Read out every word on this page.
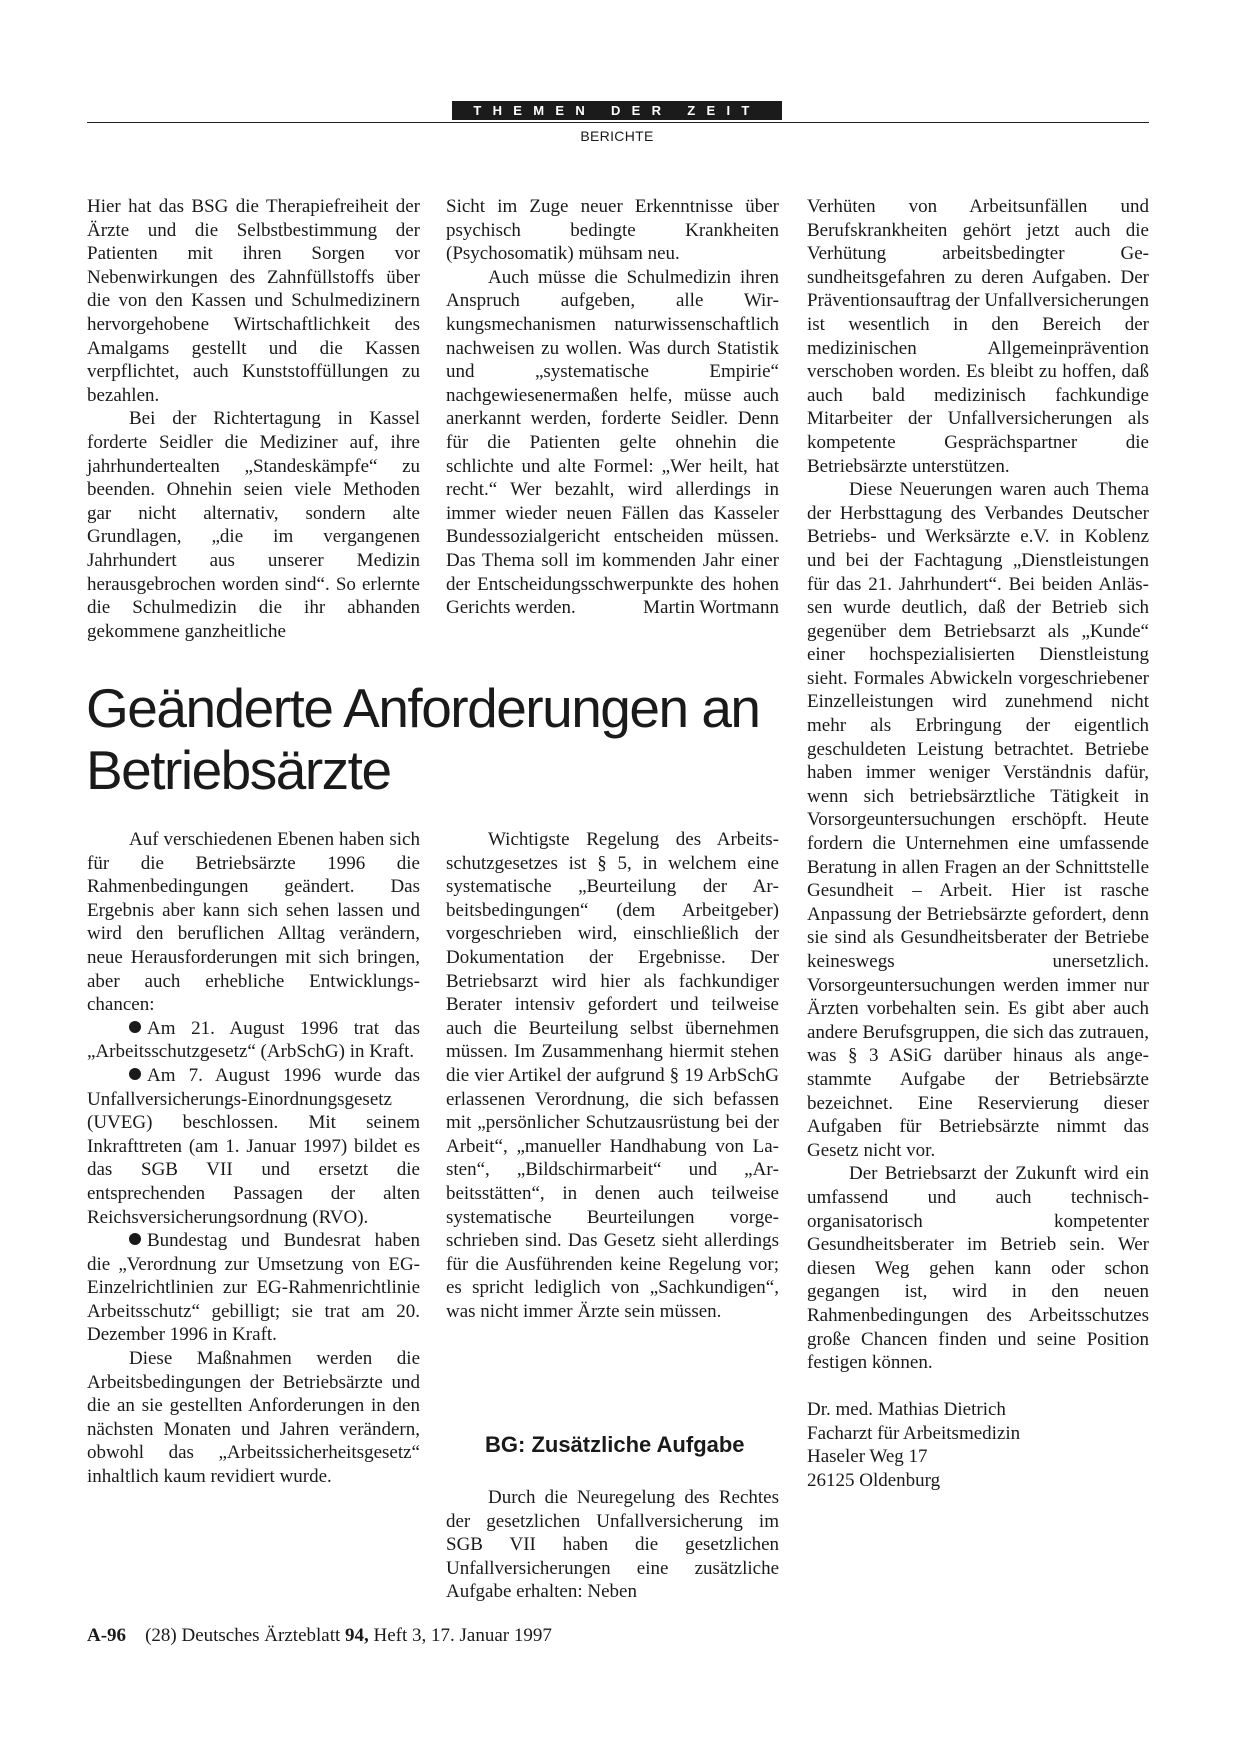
THEMEN DER ZEIT
BERICHTE

Hier hat das BSG die Therapiefreiheit der Ärzte und die Selbstbestimmung der Patienten mit ihren Sorgen vor Nebenwirkungen des Zahnfüllstoffs über die von den Kassen und Schulmedizinern hervorgehobene Wirtschaftlichkeit des Amalgams gestellt und die Kassen verpflichtet, auch Kunststoffüllungen zu bezahlen.

Bei der Richtertagung in Kassel forderte Seidler die Mediziner auf, ihre jahrhundertealten „Standeskämpfe“ zu beenden. Ohnehin seien viele Methoden gar nicht alternativ, sondern alte Grundlagen, „die im vergangenen Jahrhundert aus unserer Medizin herausgebrochen worden sind“. So erlernte die Schulmedizin die ihr abhanden gekommene ganzheitliche

Sicht im Zuge neuer Erkenntnisse über psychisch bedingte Krankheiten (Psychosomatik) mühsam neu.

Auch müsse die Schulmedizin ihren Anspruch aufgeben, alle Wirkungsmechanismen naturwissenschaftlich nachweisen zu wollen. Was durch Statistik und „systematische Empirie“ nachgewiesenermaßen helfe, müsse auch anerkannt werden, forderte Seidler. Denn für die Patienten gelte ohnehin die schlichte und alte Formel: „Wer heilt, hat recht.“ Wer bezahlt, wird allerdings in immer wieder neuen Fällen das Kasseler Bundessozialgericht entscheiden müssen. Das Thema soll im kommenden Jahr einer der Entscheidungsschwerpunkte des hohen Gerichts werden.	Martin Wortmann

Geänderte Anforderungen an Betriebsärzte

Auf verschiedenen Ebenen haben sich für die Betriebsärzte 1996 die Rahmenbedingungen geändert. Das Ergebnis aber kann sich sehen lassen und wird den beruflichen Alltag verändern, neue Herausforderungen mit sich bringen, aber auch erhebliche Entwicklungschancen:

Am 21. August 1996 trat das „Arbeitsschutzgesetz“ (ArbSchG) in Kraft.

Am 7. August 1996 wurde das Unfallversicherungs-Einordnungsgesetz (UVEG) beschlossen. Mit seinem Inkrafttreten (am 1. Januar 1997) bildet es das SGB VII und ersetzt die entsprechenden Passagen der alten Reichsversicherungsordnung (RVO).

Bundestag und Bundesrat haben die „Verordnung zur Umsetzung von EG-Einzelrichtlinien zur EG-Rahmenrichtlinie Arbeitsschutz“ gebilligt; sie trat am 20. Dezember 1996 in Kraft.

Diese Maßnahmen werden die Arbeitsbedingungen der Betriebsärzte und die an sie gestellten Anforderungen in den nächsten Monaten und Jahren verändern, obwohl das „Arbeitssicherheitsgesetz“ inhaltlich kaum revidiert wurde.

Wichtigste Regelung des Arbeitsschutzgesetzes ist § 5, in welchem eine systematische „Beurteilung der Arbeitsbedingungen“ (dem Arbeitgeber) vorgeschrieben wird, einschließlich der Dokumentation der Ergebnisse. Der Betriebsarzt wird hier als fachkundiger Berater intensiv gefordert und teilweise auch die Beurteilung selbst übernehmen müssen. Im Zusammenhang hiermit stehen die vier Artikel der aufgrund § 19 ArbSchG erlassenen Verordnung, die sich befassen mit „persönlicher Schutzausrüstung bei der Arbeit“, „manueller Handhabung von Lasten“, „Bildschirmarbeit“ und „Arbeitsstätten“, in denen auch teilweise systematische Beurteilungen vorgeschrieben sind. Das Gesetz sieht allerdings für die Ausführenden keine Regelung vor; es spricht lediglich von „Sachkundigen“, was nicht immer Ärzte sein müssen.

BG: Zusätzliche Aufgabe

Durch die Neuregelung des Rechtes der gesetzlichen Unfallversicherung im SGB VII haben die gesetzlichen Unfallversicherungen eine zusätzliche Aufgabe erhalten: Neben

Verhüten von Arbeitsunfällen und Berufskrankheiten gehört jetzt auch die Verhütung arbeitsbedingter Gesundheitsgefahren zu deren Aufgaben. Der Präventionsauftrag der Unfallversicherungen ist wesentlich in den Bereich der medizinischen Allgemeinprävention verschoben worden. Es bleibt zu hoffen, daß auch bald medizinisch fachkundige Mitarbeiter der Unfallversicherungen als kompetente Gesprächspartner die Betriebsärzte unterstützen.

Diese Neuerungen waren auch Thema der Herbsttagung des Verbandes Deutscher Betriebs- und Werksärzte e.V. in Koblenz und bei der Fachtagung „Dienstleistungen für das 21. Jahrhundert“. Bei beiden Anlässen wurde deutlich, daß der Betrieb sich gegenüber dem Betriebsarzt als „Kunde“ einer hochspezialisierten Dienstleistung sieht. Formales Abwickeln vorgeschriebener Einzelleistungen wird zunehmend nicht mehr als Erbringung der eigentlich geschuldeten Leistung betrachtet. Betriebe haben immer weniger Verständnis dafür, wenn sich betriebsärztliche Tätigkeit in Vorsorgeuntersuchungen erschöpft. Heute fordern die Unternehmen eine umfassende Beratung in allen Fragen an der Schnittstelle Gesundheit – Arbeit. Hier ist rasche Anpassung der Betriebsärzte gefordert, denn sie sind als Gesundheitsberater der Betriebe keineswegs unersetzlich. Vorsorgeuntersuchungen werden immer nur Ärzten vorbehalten sein. Es gibt aber auch andere Berufsgruppen, die sich das zutrauen, was § 3 ASiG darüber hinaus als angestammte Aufgabe der Betriebsärzte bezeichnet. Eine Reservierung dieser Aufgaben für Betriebsärzte nimmt das Gesetz nicht vor.

Der Betriebsarzt der Zukunft wird ein umfassend und auch technisch-organisatorisch kompetenter Gesundheitsberater im Betrieb sein. Wer diesen Weg gehen kann oder schon gegangen ist, wird in den neuen Rahmenbedingungen des Arbeitsschutzes große Chancen finden und seine Position festigen können.

Dr. med. Mathias Dietrich

Facharzt für Arbeitsmedizin

Haseler Weg 17

26125 Oldenburg

A-96 (28) Deutsches Ärzteblatt 94, Heft 3, 17. Januar 1997
